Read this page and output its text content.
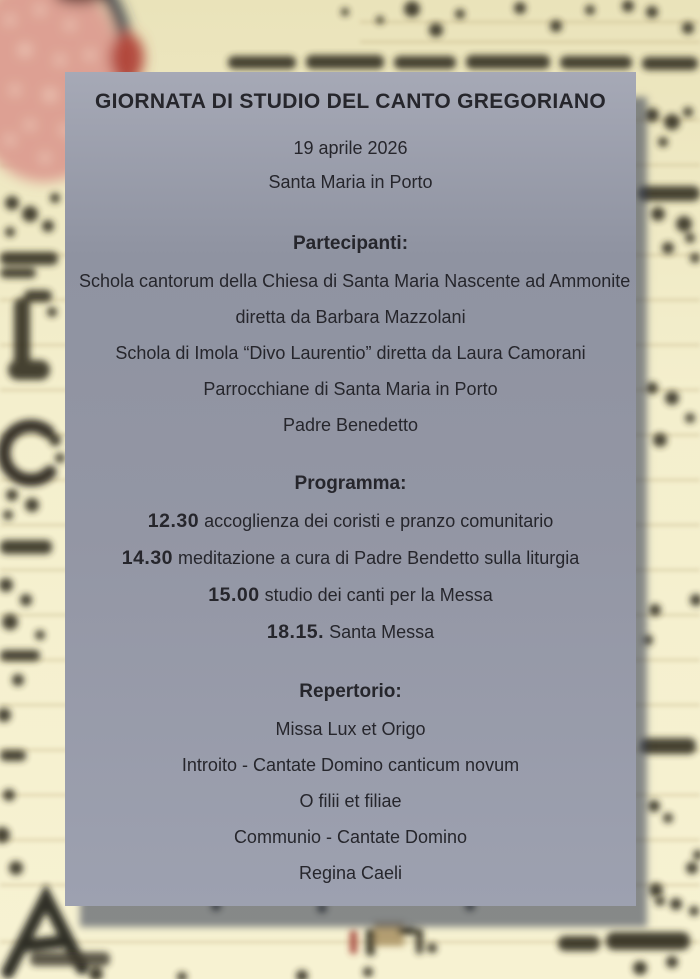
GIORNATA DI STUDIO DEL CANTO GREGORIANO
19 aprile 2026
Santa Maria in Porto
Partecipanti:
Schola cantorum della Chiesa di Santa Maria Nascente ad Ammonite
diretta da Barbara Mazzolani
Schola di Imola “Divo Laurentio” diretta da Laura Camorani
Parrocchiane di Santa Maria in Porto
Padre Benedetto
Programma:
12.30 accoglienza dei coristi e pranzo comunitario
14.30 meditazione a cura di Padre Bendetto sulla liturgia
15.00 studio dei canti per la Messa
18.15. Santa Messa
Repertorio:
Missa Lux et Origo
Introito - Cantate Domino canticum novum
O filii et filiae
Communio - Cantate Domino
Regina Caeli
